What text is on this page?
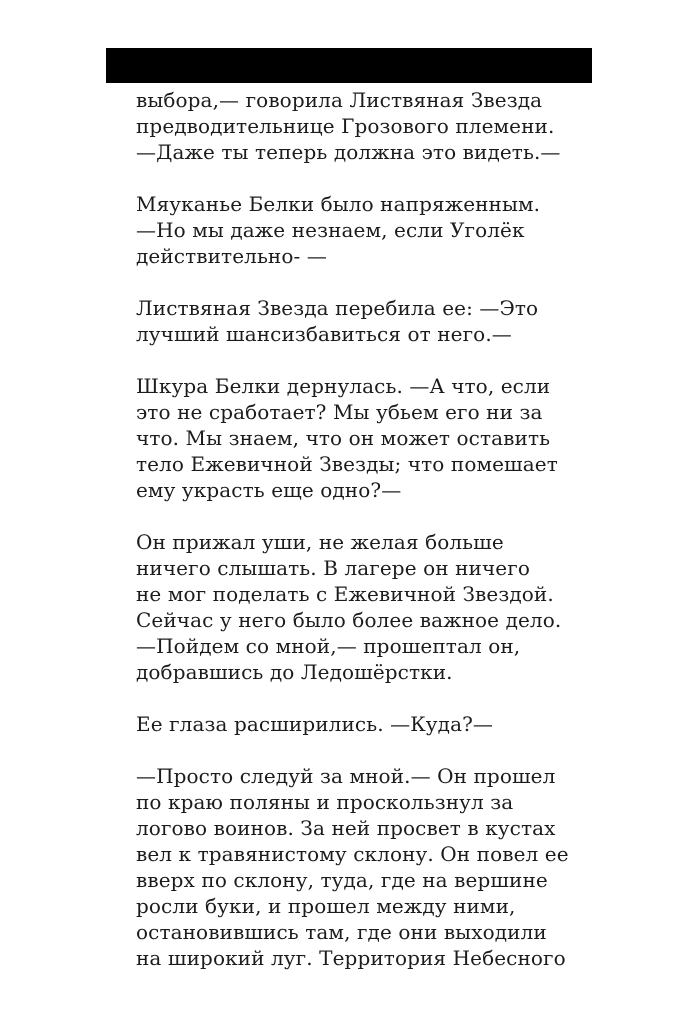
выбора,— говорила Листвяная Звезда
предводительнице Грозового племени.
—Даже ты теперь должна это видеть.—
Мяуканье Белки было напряженным.
—Но мы даже незнаем, если Уголёк
действительно- —
Листвяная Звезда перебила ее: —Это
лучший шансизбавиться от него.—
Шкура Белки дернулась. —А что, если
это не сработает? Мы убьем его ни за
что. Мы знаем, что он может оставить
тело Ежевичной Звезды; что помешает
ему украсть еще одно?—
Он прижал уши, не желая больше
ничего слышать. В лагере он ничего
не мог поделать с Ежевичной Звездой.
Сейчас у него было более важное дело.
—Пойдем со мной,— прошептал он,
добравшись до Ледошёрстки.
Ее глаза расширились. —Куда?—
—Просто следуй за мной.— Он прошел
по краю поляны и проскользнул за
логово воинов. За ней просвет в кустах
вел к травянистому склону. Он повел ее
вверх по склону, туда, где на вершине
росли буки, и прошел между ними,
остановившись там, где они выходили
на широкий луг. Территория Небесного
